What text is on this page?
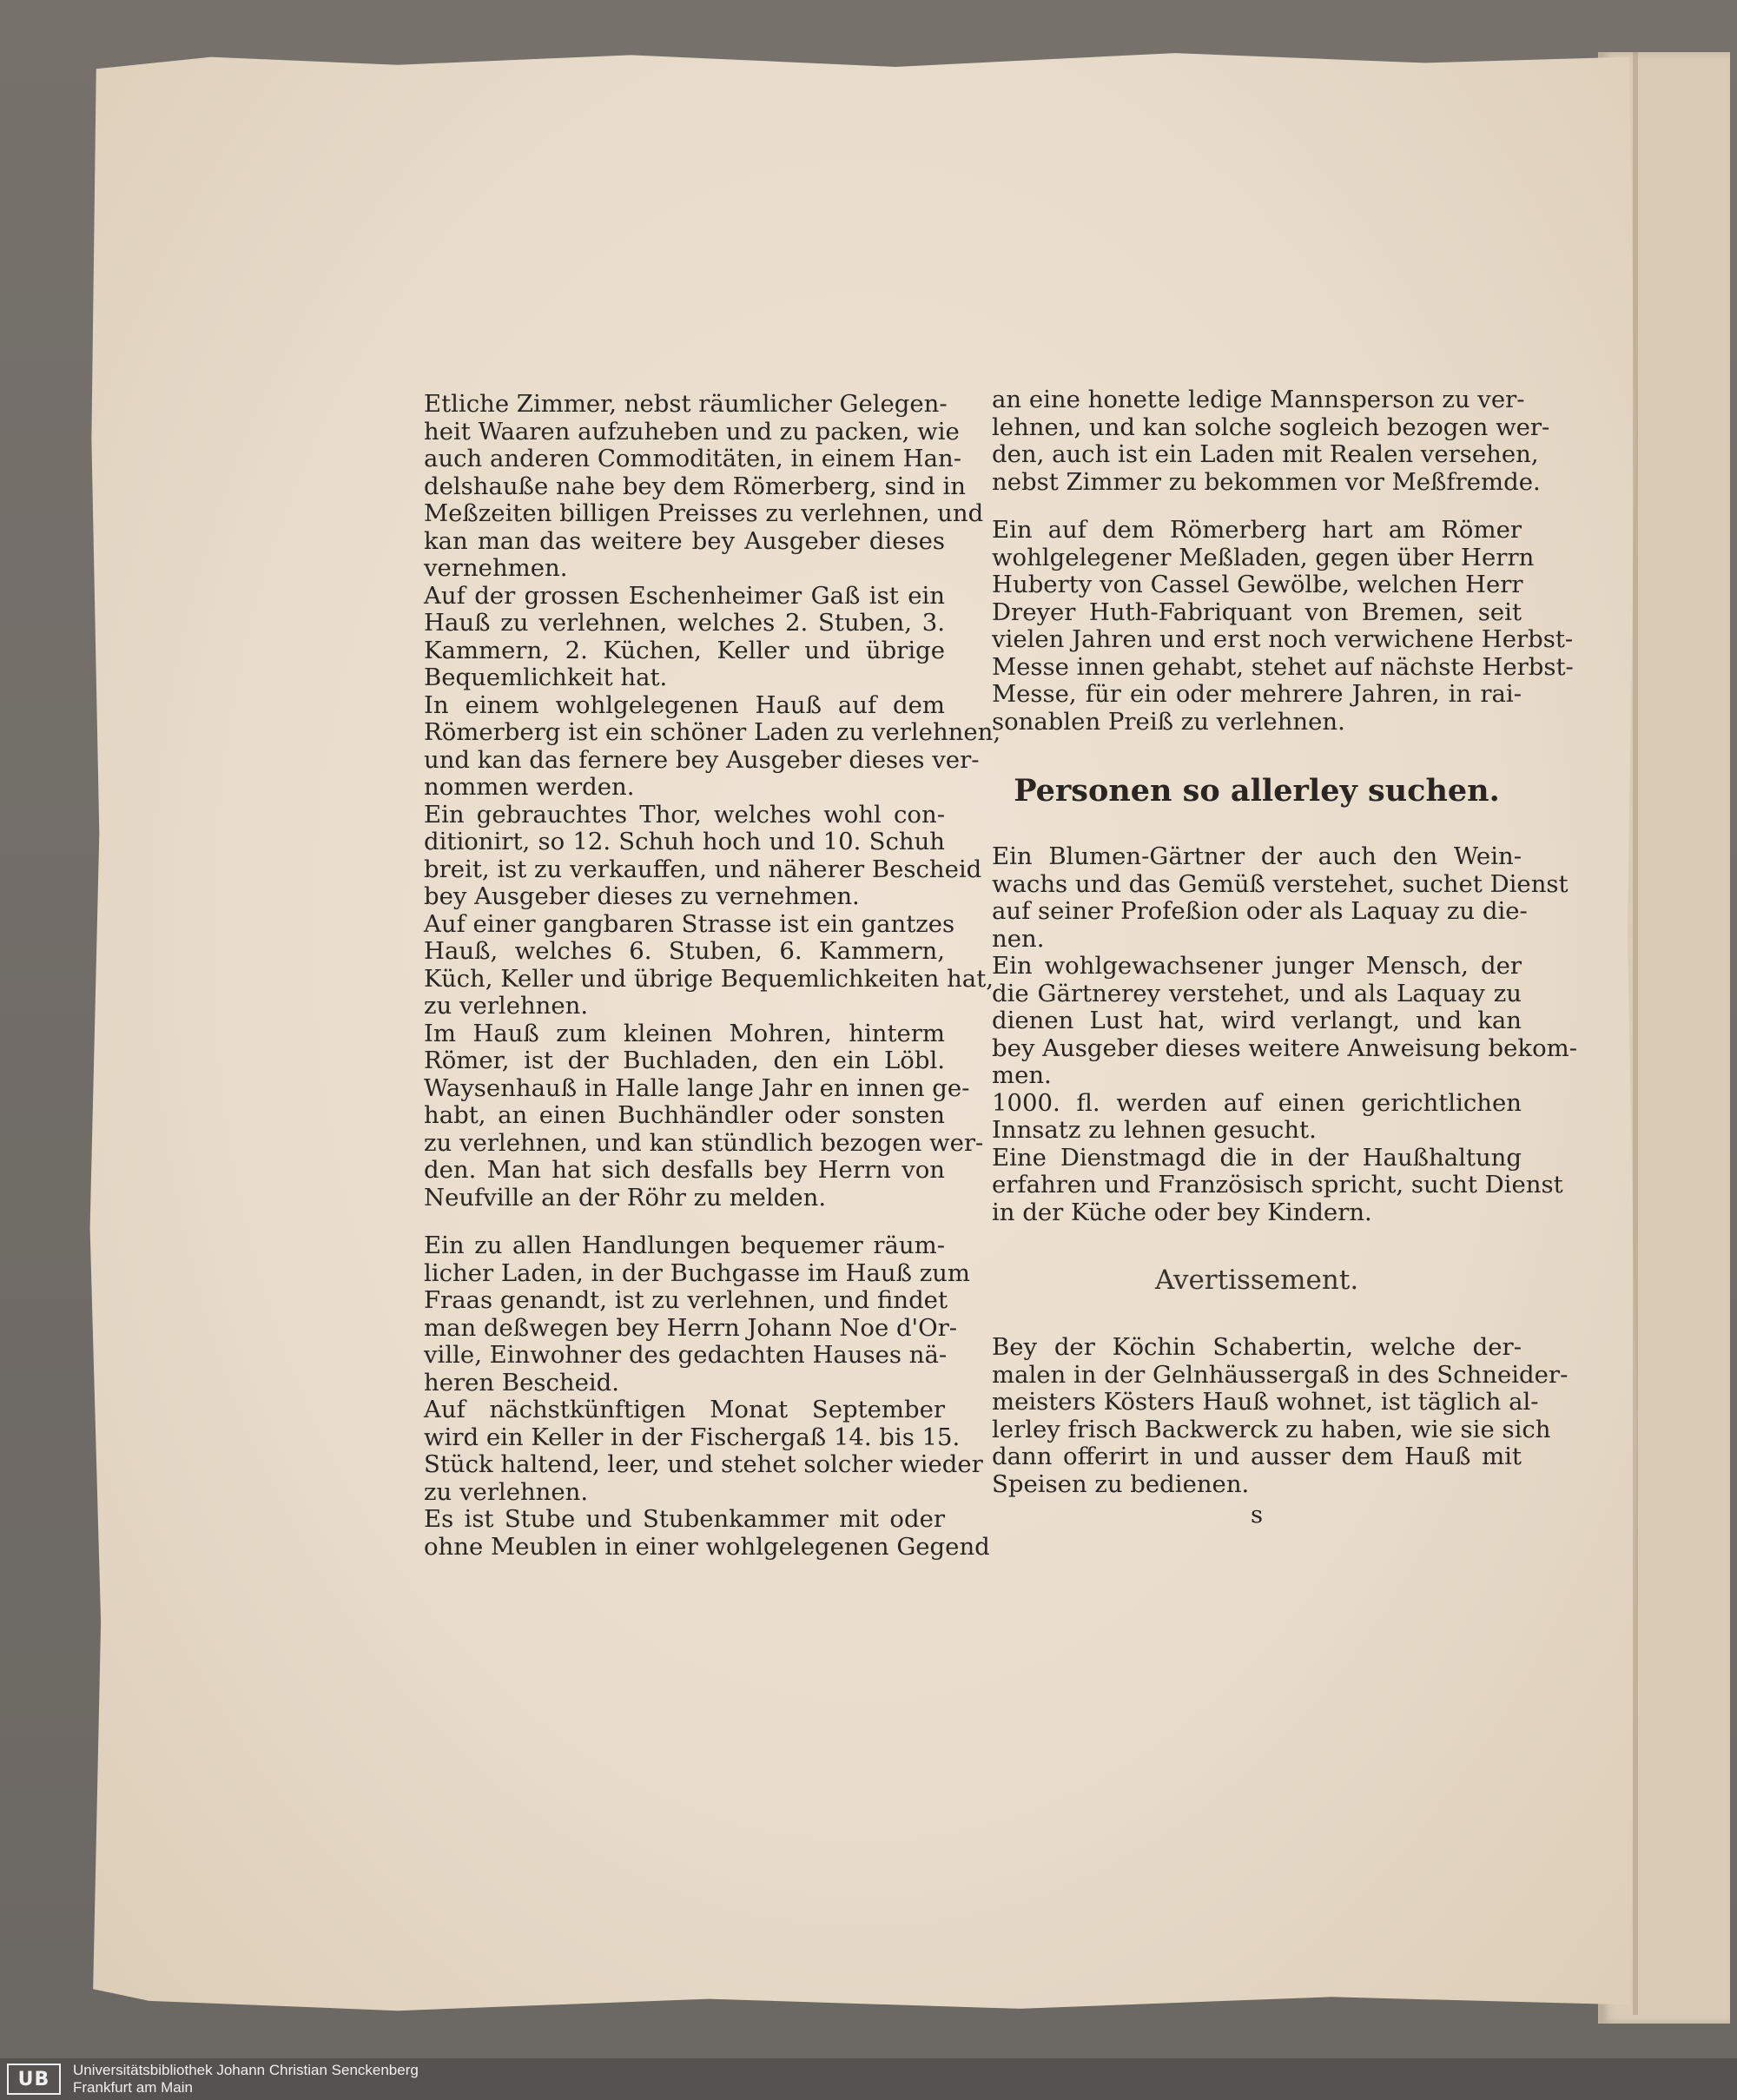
Etliche Zimmer, nebst räumlicher Gelegen-
heit Waaren aufzuheben und zu packen, wie
auch anderen Commoditäten, in einem Han-
delshauße nahe bey dem Römerberg, sind in
Meßzeiten billigen Preisses zu verlehnen, und
kan man das weitere bey Ausgeber dieses
vernehmen.

Auf der grossen Eschenheimer Gaß ist ein
Hauß zu verlehnen, welches 2. Stuben, 3.
Kammern, 2. Küchen, Keller und übrige
Bequemlichkeit hat.

In einem wohlgelegenen Hauß auf dem
Römerberg ist ein schöner Laden zu verlehnen,
und kan das fernere bey Ausgeber dieses ver-
nommen werden.

Ein gebrauchtes Thor, welches wohl con-
ditionirt, so 12. Schuh hoch und 10. Schuh
breit, ist zu verkauffen, und näherer Bescheid
bey Ausgeber dieses zu vernehmen.

Auf einer gangbaren Strasse ist ein gantzes
Hauß, welches 6. Stuben, 6. Kammern,
Küch, Keller und übrige Bequemlichkeiten hat,
zu verlehnen.

Im Hauß zum kleinen Mohren, hinterm
Römer, ist der Buchladen, den ein Löbl.
Waysenhauß in Halle lange Jahr en innen ge-
habt, an einen Buchhändler oder sonsten
zu verlehnen, und kan stündlich bezogen wer-
den. Man hat sich desfalls bey Herrn von
Neufville an der Röhr zu melden.

Ein zu allen Handlungen bequemer räum-
licher Laden, in der Buchgasse im Hauß zum
Fraas genandt, ist zu verlehnen, und findet
man deßwegen bey Herrn Johann Noe d'Or-
ville, Einwohner des gedachten Hauses nä-
heren Bescheid.

Auf nächstkünftigen Monat September
wird ein Keller in der Fischergaß 14. bis 15.
Stück haltend, leer, und stehet solcher wieder
zu verlehnen.

Es ist Stube und Stubenkammer mit oder
ohne Meublen in einer wohlgelegenen Gegend

an eine honette ledige Mannsperson zu ver-
lehnen, und kan solche sogleich bezogen wer-
den, auch ist ein Laden mit Realen versehen,
nebst Zimmer zu bekommen vor Meßfremde.

Ein auf dem Römerberg hart am Römer
wohlgelegener Meßladen, gegen über Herrn
Huberty von Cassel Gewölbe, welchen Herr
Dreyer Huth-Fabriquant von Bremen, seit
vielen Jahren und erst noch verwichene Herbst-
Messe innen gehabt, stehet auf nächste Herbst-
Messe, für ein oder mehrere Jahren, in rai-
sonablen Preiß zu verlehnen.

Personen so allerley suchen.

Ein Blumen-Gärtner der auch den Wein-
wachs und das Gemüß verstehet, suchet Dienst
auf seiner Profeßion oder als Laquay zu die-
nen.

Ein wohlgewachsener junger Mensch, der
die Gärtnerey verstehet, und als Laquay zu
dienen Lust hat, wird verlangt, und kan
bey Ausgeber dieses weitere Anweisung bekom-
men.

1000. fl. werden auf einen gerichtlichen
Innsatz zu lehnen gesucht.

Eine Dienstmagd die in der Haußhaltung
erfahren und Französisch spricht, sucht Dienst
in der Küche oder bey Kindern.

Avertissement.

Bey der Köchin Schabertin, welche der-
malen in der Gelnhäussergaß in des Schneider-
meisters Kösters Hauß wohnet, ist täglich al-
lerley frisch Backwerck zu haben, wie sie sich
dann offerirt in und ausser dem Hauß mit
Speisen zu bedienen.

s
UB	Universitätsbibliothek Johann Christian Senckenberg
Frankfurt am Main
